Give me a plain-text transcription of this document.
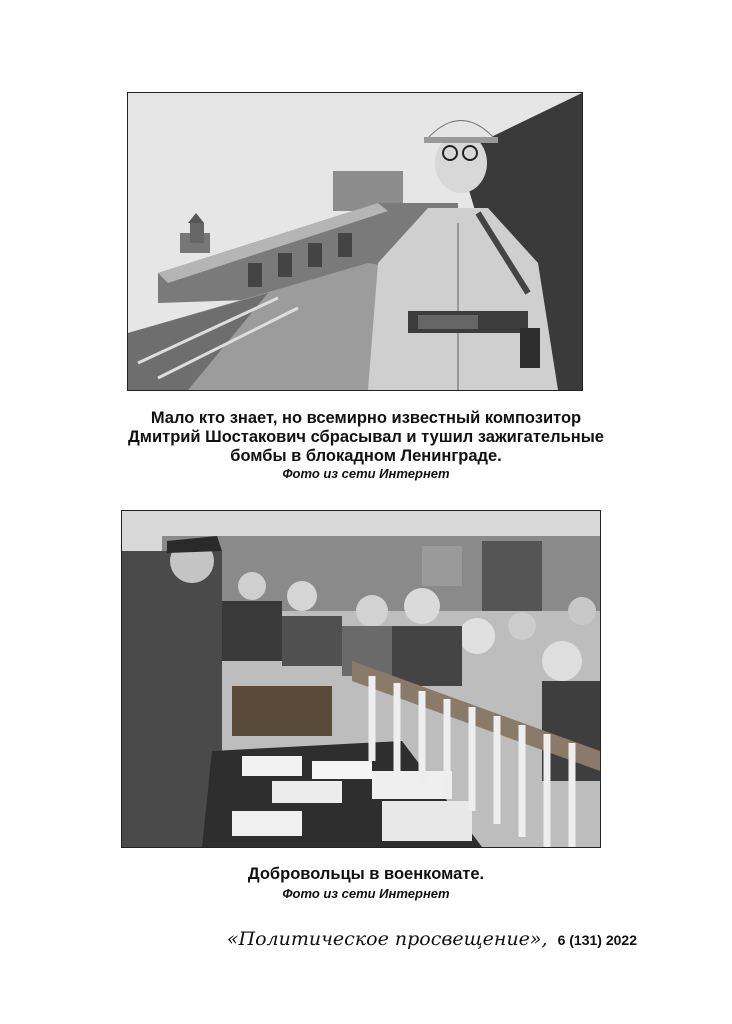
Мало кто знает, но всемирно известный композитор
Дмитрий Шостакович сбрасывал и тушил зажигательные
бомбы в блокадном Ленинграде.
Фото из сети Интернет
Добровольцы в военкомате.
Фото из сети Интернет
«Политическое просвещение», 6 (131) 2022
